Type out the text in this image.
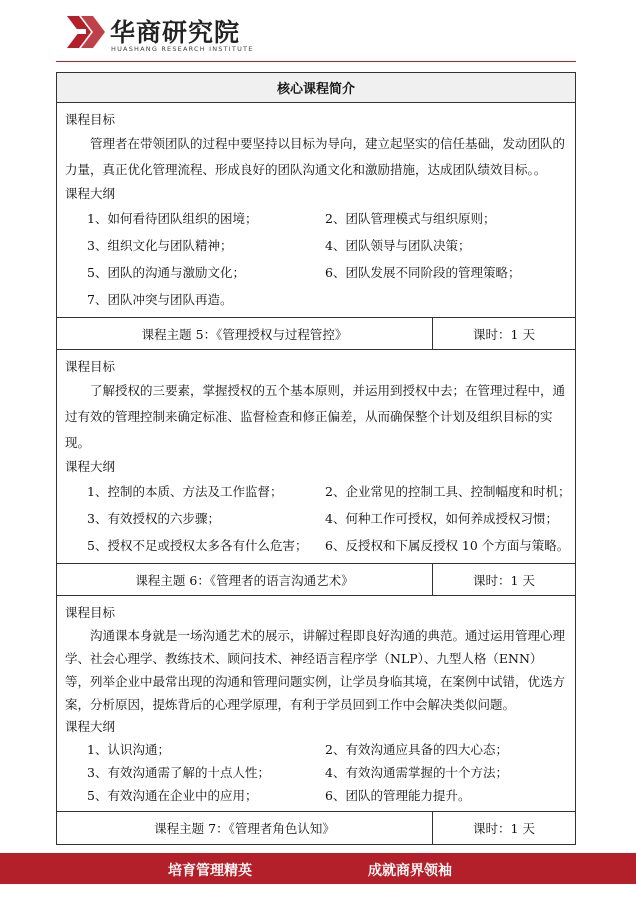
华商研究院
HUASHANG RESEARCH INSTITUTE
核心课程简介
课程目标
管理者在带领团队的过程中要坚持以目标为导向，建立起坚实的信任基础，发动团队的力量，真正优化管理流程、形成良好的团队沟通文化和激励措施，达成团队绩效目标。。
课程大纲
1、如何看待团队组织的困境；	2、团队管理模式与组织原则；
3、组织文化与团队精神；	4、团队领导与团队决策；
5、团队的沟通与激励文化；	6、团队发展不同阶段的管理策略；
7、团队冲突与团队再造。
课程主题 5：《管理授权与过程管控》	课时：1 天
课程目标
了解授权的三要素，掌握授权的五个基本原则，并运用到授权中去；在管理过程中，通过有效的管理控制来确定标准、监督检查和修正偏差，从而确保整个计划及组织目标的实现。
课程大纲
1、控制的本质、方法及工作监督；	2、企业常见的控制工具、控制幅度和时机；
3、有效授权的六步骤；	4、何种工作可授权，如何养成授权习惯；
5、授权不足或授权太多各有什么危害；	6、反授权和下属反授权 10 个方面与策略。
课程主题 6：《管理者的语言沟通艺术》	课时：1 天
课程目标
沟通课本身就是一场沟通艺术的展示，讲解过程即良好沟通的典范。通过运用管理心理学、社会心理学、教练技术、顾问技术、神经语言程序学（NLP）、九型人格（ENN）等，列举企业中最常出现的沟通和管理问题实例，让学员身临其境，在案例中试错，优选方案，分析原因，提炼背后的心理学原理，有利于学员回到工作中会解决类似问题。
课程大纲
1、认识沟通；	2、有效沟通应具备的四大心态；
3、有效沟通需了解的十点人性；	4、有效沟通需掌握的十个方法；
5、有效沟通在企业中的应用；	6、团队的管理能力提升。
课程主题 7：《管理者角色认知》	课时：1 天
培育管理精英	成就商界领袖
